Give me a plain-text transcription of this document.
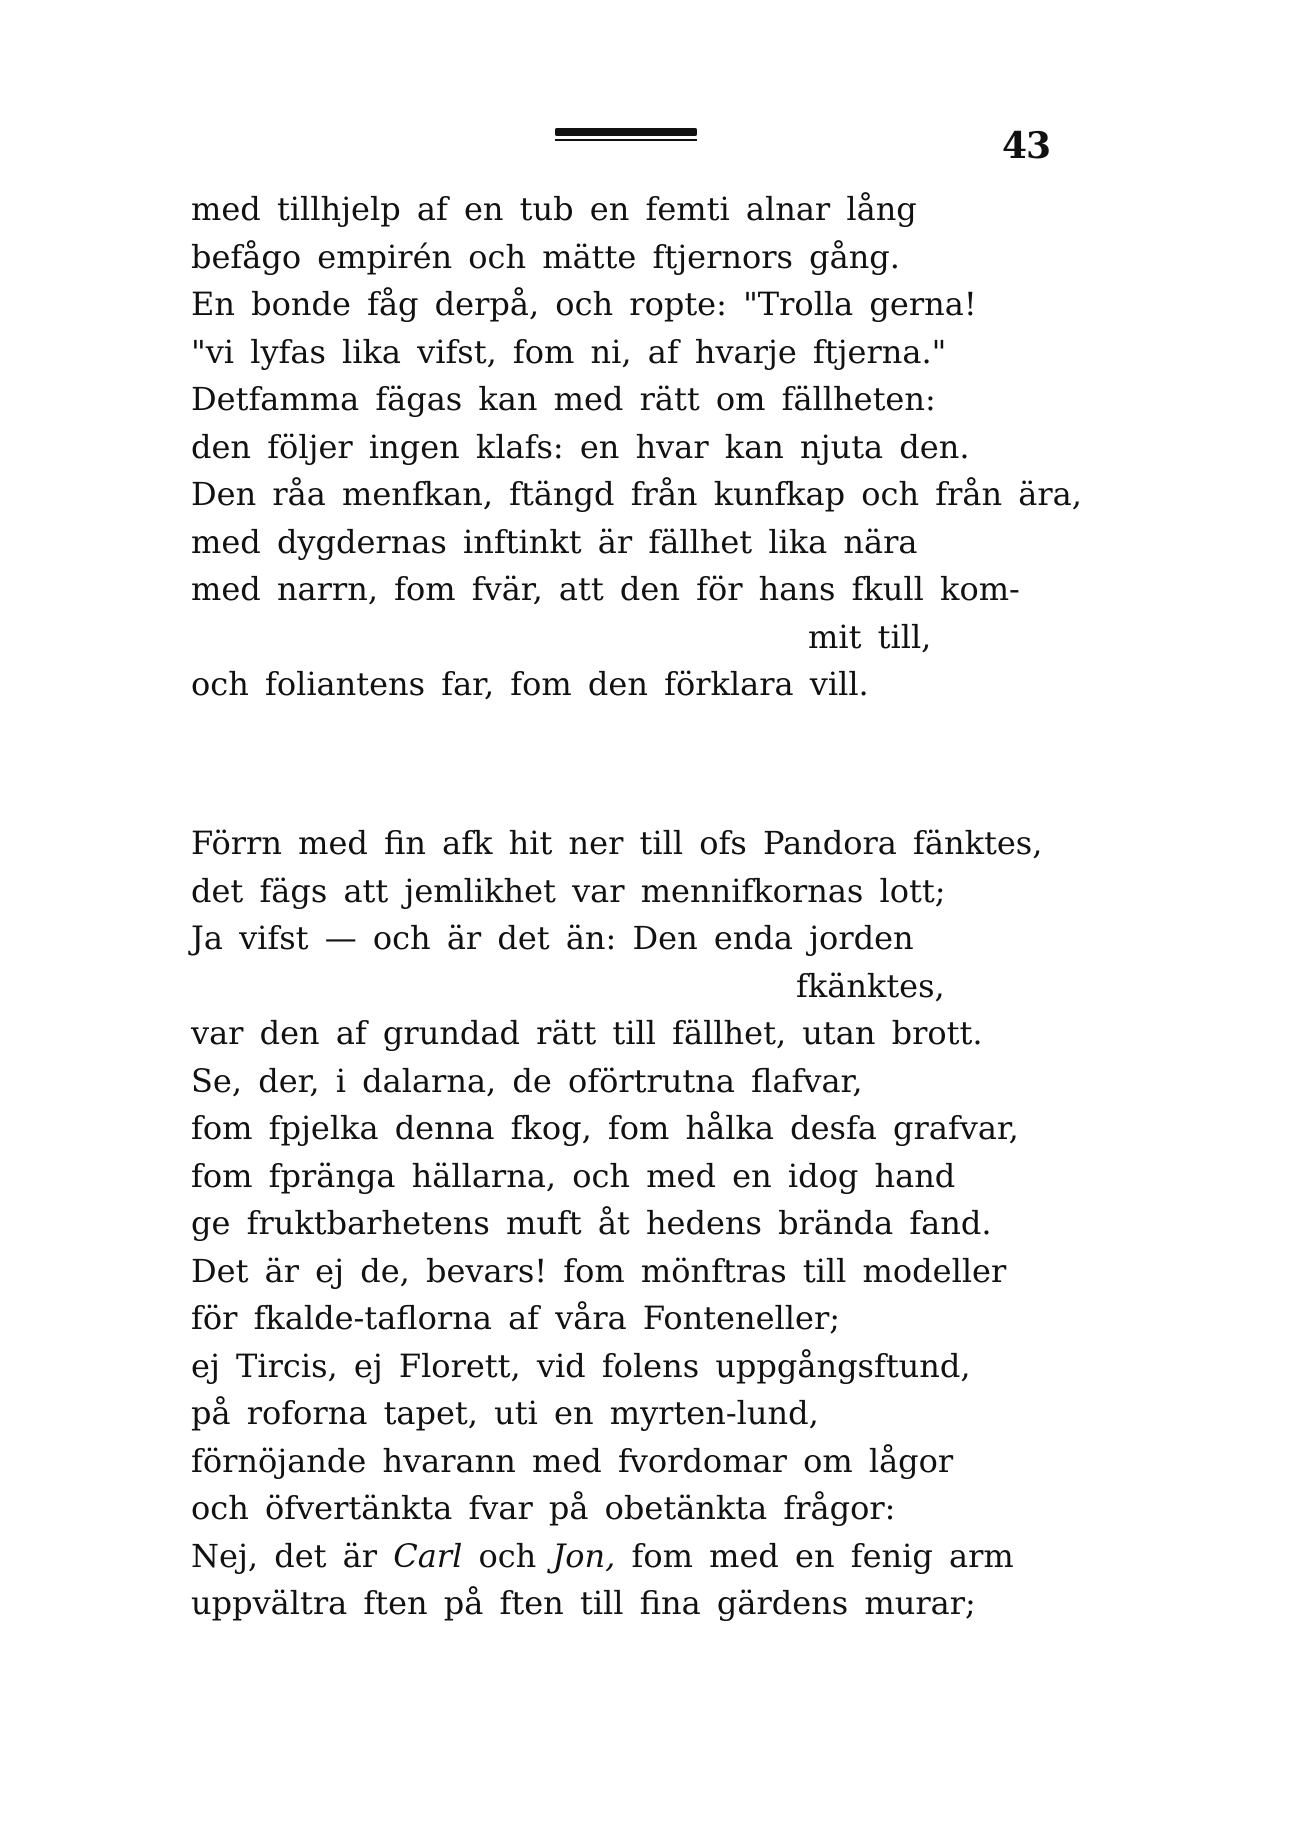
43
med tillhjelp af en tub en femti alnar lång
befågo empirén och mätte ftjernors gång.
En bonde fåg derpå, och ropte: "Trolla gerna!
"vi lyfas lika vifst, fom ni, af hvarje ftjerna."
Detfamma fägas kan med rätt om fällheten:
den följer ingen klafs: en hvar kan njuta den.
Den råa menfkan, ftängd från kunfkap och från ära,
med dygdernas inftinkt är fällhet lika nära
med narrn, fom fvär, att den för hans fkull kom-
mit till,
och foliantens far, fom den förklara vill.
Förrn med fin afk hit ner till ofs Pandora fänktes,
det fägs att jemlikhet var mennifkornas lott;
Ja vifst — och är det än: Den enda jorden
fkänktes,
var den af grundad rätt till fällhet, utan brott.
Se, der, i dalarna, de oförtrutna flafvar,
fom fpjelka denna fkog, fom hålka desfa grafvar,
fom fpränga hällarna, och med en idog hand
ge fruktbarhetens muft åt hedens brända fand.
Det är ej de, bevars! fom mönftras till modeller
för fkalde-taflorna af våra Fonteneller;
ej Tircis, ej Florett, vid folens uppgångsftund,
på roforna tapet, uti en myrten-lund,
förnöjande hvarann med fvordomar om lågor
och öfvertänkta fvar på obetänkta frågor:
Nej, det är Carl och Jon, fom med en fenig arm
uppvältra ften på ften till fina gärdens murar;
